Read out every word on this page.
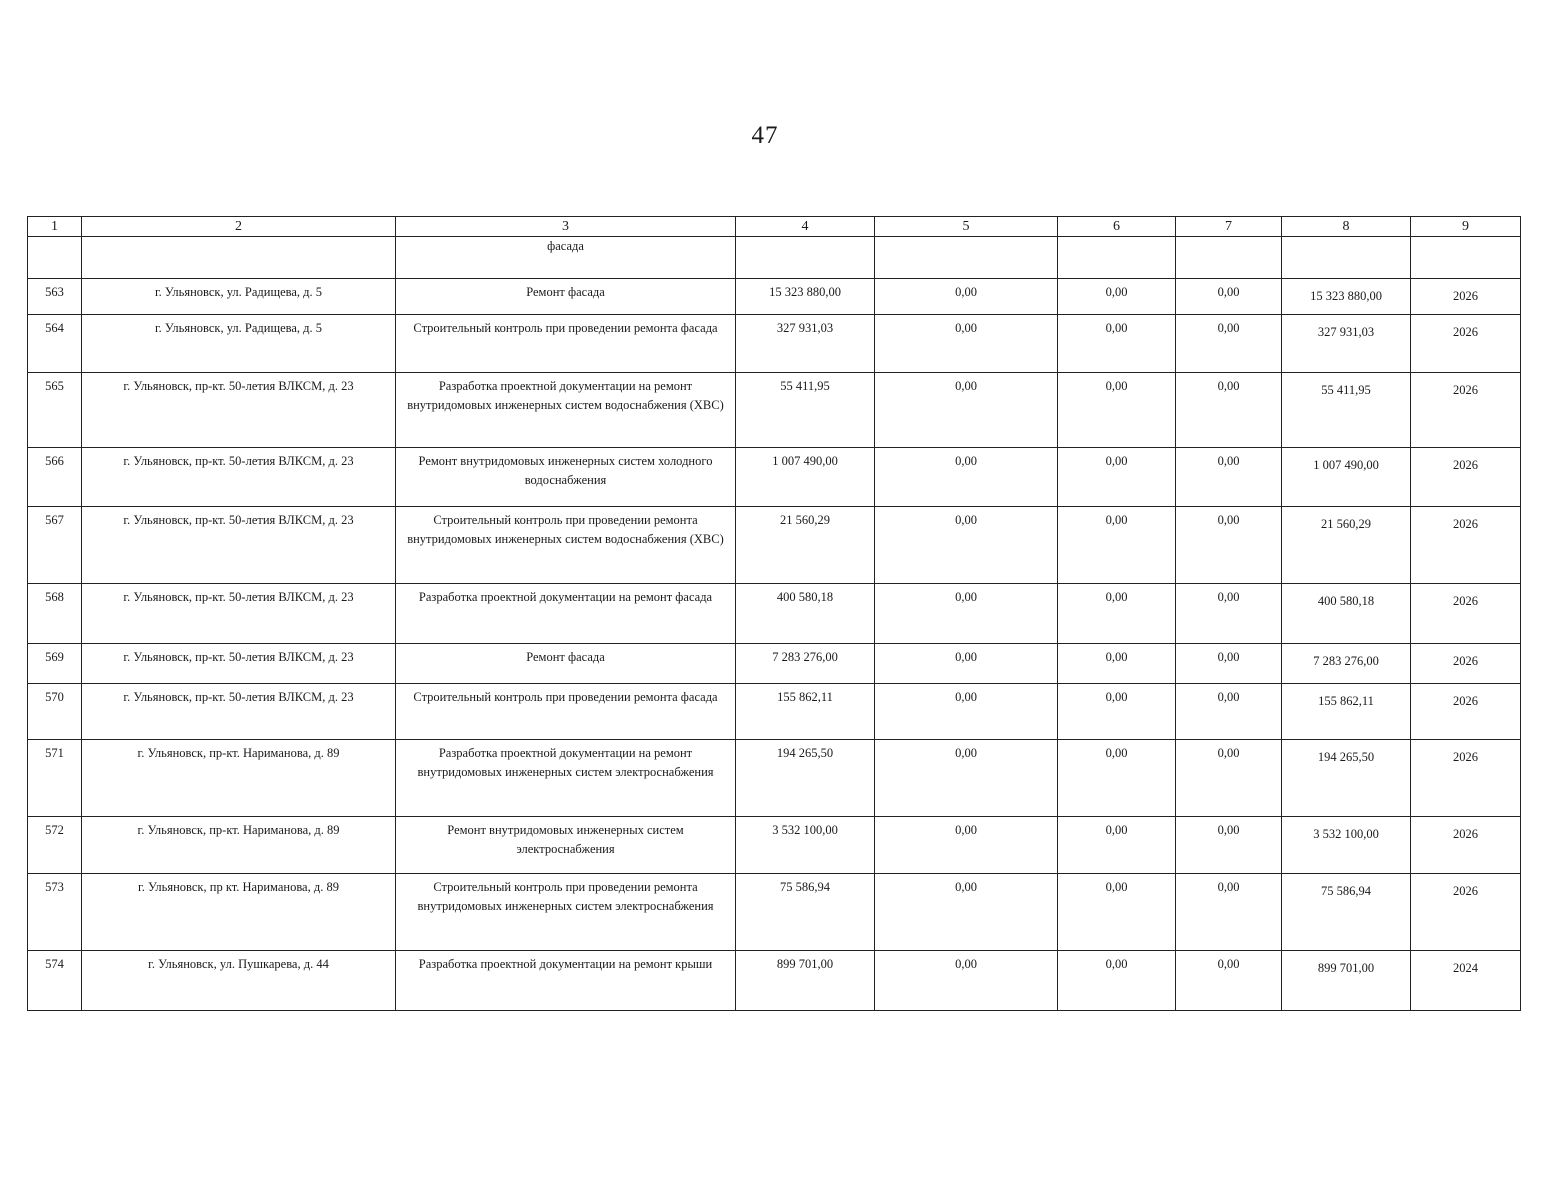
47
1	2	3	4	5	6	7	8	9
		фасада						
563	г. Ульяновск, ул. Радищева, д. 5	Ремонт фасада	15 323 880,00	0,00	0,00	0,00	15 323 880,00	2026
564	г. Ульяновск, ул. Радищева, д. 5	Строительный контроль при проведении ремонта фасада	327 931,03	0,00	0,00	0,00	327 931,03	2026
565	г. Ульяновск, пр-кт. 50-летия ВЛКСМ, д. 23	Разработка проектной документации на ремонт внутридомовых инженерных систем водоснабжения (ХВС)	55 411,95	0,00	0,00	0,00	55 411,95	2026
566	г. Ульяновск, пр-кт. 50-летия ВЛКСМ, д. 23	Ремонт внутридомовых инженерных систем холодного водоснабжения	1 007 490,00	0,00	0,00	0,00	1 007 490,00	2026
567	г. Ульяновск, пр-кт. 50-летия ВЛКСМ, д. 23	Строительный контроль при проведении ремонта внутридомовых инженерных систем водоснабжения (ХВС)	21 560,29	0,00	0,00	0,00	21 560,29	2026
568	г. Ульяновск, пр-кт. 50-летия ВЛКСМ, д. 23	Разработка проектной документации на ремонт фасада	400 580,18	0,00	0,00	0,00	400 580,18	2026
569	г. Ульяновск, пр-кт. 50-летия ВЛКСМ, д. 23	Ремонт фасада	7 283 276,00	0,00	0,00	0,00	7 283 276,00	2026
570	г. Ульяновск, пр-кт. 50-летия ВЛКСМ, д. 23	Строительный контроль при проведении ремонта фасада	155 862,11	0,00	0,00	0,00	155 862,11	2026
571	г. Ульяновск, пр-кт. Нариманова, д. 89	Разработка проектной документации на ремонт внутридомовых инженерных систем электроснабжения	194 265,50	0,00	0,00	0,00	194 265,50	2026
572	г. Ульяновск, пр-кт. Нариманова, д. 89	Ремонт внутридомовых инженерных систем электроснабжения	3 532 100,00	0,00	0,00	0,00	3 532 100,00	2026
573	г. Ульяновск, пр кт. Нариманова, д. 89	Строительный контроль при проведении ремонта внутридомовых инженерных систем электроснабжения	75 586,94	0,00	0,00	0,00	75 586,94	2026
574	г. Ульяновск, ул. Пушкарева, д. 44	Разработка проектной документации на ремонт крыши	899 701,00	0,00	0,00	0,00	899 701,00	2024
